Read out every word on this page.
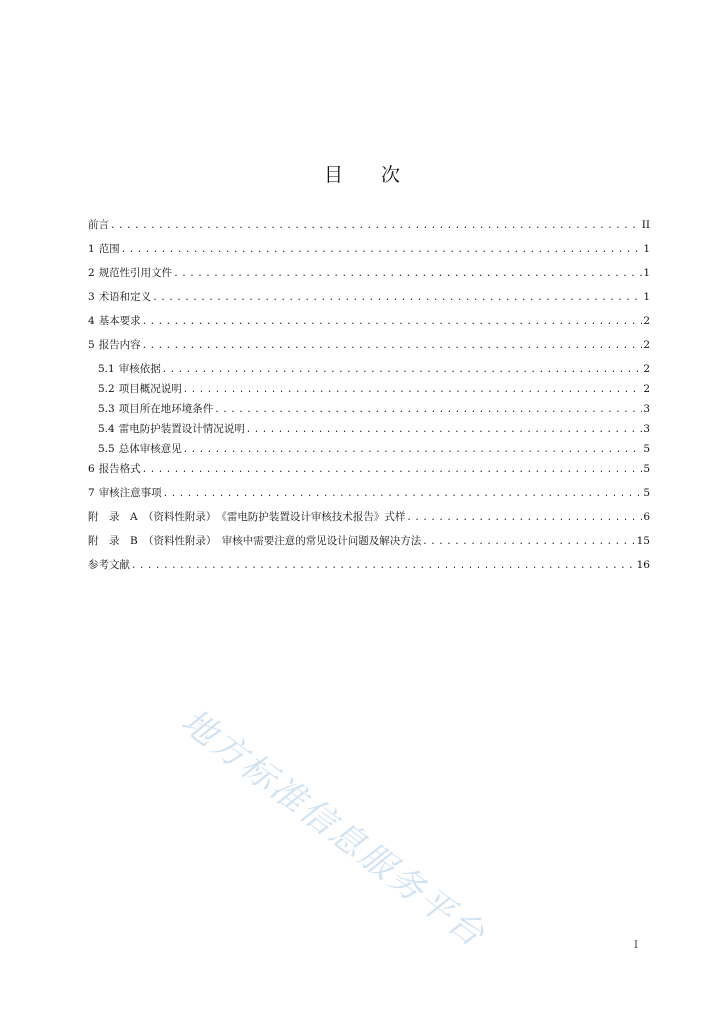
目 次
前言 .....	II
1 范围 .....	1
2 规范性引用文件 .....	1
3 术语和定义 .....	1
4 基本要求 .....	2
5 报告内容 .....	2
5.1 审核依据 .....	2
5.2 项目概况说明 .....	2
5.3 项目所在地环境条件 .....	3
5.4 雷电防护装置设计情况说明 .....	3
5.5 总体审核意见 .....	5
6 报告格式 .....	5
7 审核注意事项 .....	5
附　录　A　（资料性附录）　《雷电防护装置设计审核技术报告》式样 .....	6
附　录　B　（资料性附录）　审核中需要注意的常见设计问题及解决方法 .....	15
参考文献 .....	16
地方标准信息服务平台	I
